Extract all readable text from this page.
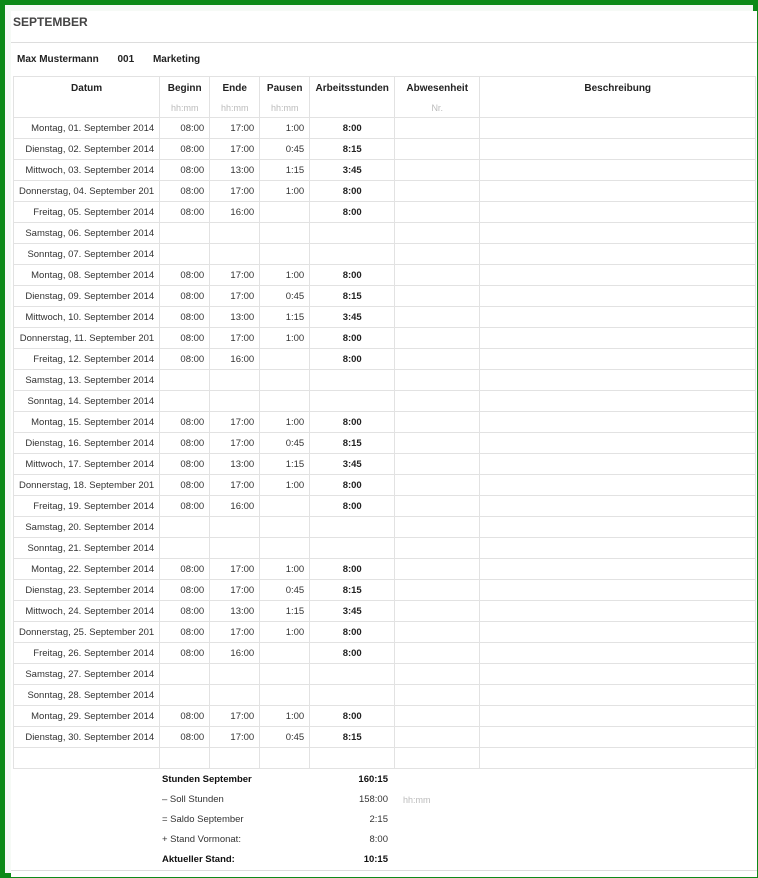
SEPTEMBER
Max Mustermann 001 Marketing
Datum	Beginn	Ende	Pausen	Arbeitsstunden	Abwesenheit	Beschreibung
	hh:mm	hh:mm	hh:mm		Nr.	
Montag, 01. September 2014	08:00	17:00	1:00	8:00		
Dienstag, 02. September 2014	08:00	17:00	0:45	8:15		
Mittwoch, 03. September 2014	08:00	13:00	1:15	3:45		
Donnerstag, 04. September 201	08:00	17:00	1:00	8:00		
Freitag, 05. September 2014	08:00	16:00		8:00		
Samstag, 06. September 2014						
Sonntag, 07. September 2014						
Montag, 08. September 2014	08:00	17:00	1:00	8:00		
Dienstag, 09. September 2014	08:00	17:00	0:45	8:15		
Mittwoch, 10. September 2014	08:00	13:00	1:15	3:45		
Donnerstag, 11. September 201	08:00	17:00	1:00	8:00		
Freitag, 12. September 2014	08:00	16:00		8:00		
Samstag, 13. September 2014						
Sonntag, 14. September 2014						
Montag, 15. September 2014	08:00	17:00	1:00	8:00		
Dienstag, 16. September 2014	08:00	17:00	0:45	8:15		
Mittwoch, 17. September 2014	08:00	13:00	1:15	3:45		
Donnerstag, 18. September 201	08:00	17:00	1:00	8:00		
Freitag, 19. September 2014	08:00	16:00		8:00		
Samstag, 20. September 2014						
Sonntag, 21. September 2014						
Montag, 22. September 2014	08:00	17:00	1:00	8:00		
Dienstag, 23. September 2014	08:00	17:00	0:45	8:15		
Mittwoch, 24. September 2014	08:00	13:00	1:15	3:45		
Donnerstag, 25. September 201	08:00	17:00	1:00	8:00		
Freitag, 26. September 2014	08:00	16:00		8:00		
Samstag, 27. September 2014						
Sonntag, 28. September 2014						
Montag, 29. September 2014	08:00	17:00	1:00	8:00		
Dienstag, 30. September 2014	08:00	17:00	0:45	8:15		

Stunden September	160:15
– Soll Stunden	158:00 hh:mm
= Saldo September	2:15
+ Stand Vormonat:	8:00
Aktueller Stand:	10:15
